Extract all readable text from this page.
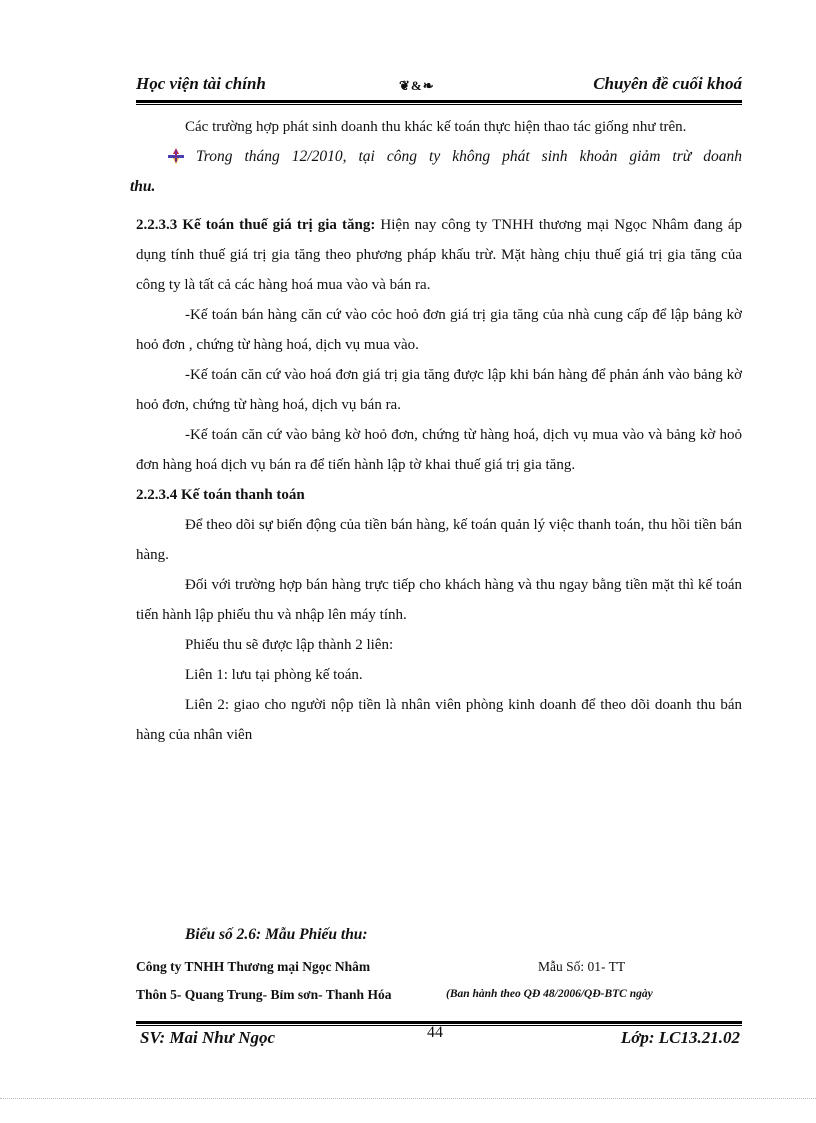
Học viện tài chính	❦&❧	Chuyên đề cuối khoá

Các trường hợp phát sinh doanh thu khác kế toán thực hiện thao tác giống như trên.

Trong tháng 12/2010, tại công ty không phát sinh khoản giảm trừ doanh

thu.

2.2.3.3 Kế toán thuế giá trị gia tăng: Hiện nay công ty TNHH thương mại Ngọc Nhâm đang áp dụng tính thuế giá trị gia tăng theo phương pháp khấu trừ. Mặt hàng chịu thuế giá trị gia tăng của công ty là tất cả các hàng hoá mua vào và bán ra.

-Kế toán bán hàng căn cứ vào cỏc hoỏ đơn giá trị gia tăng của nhà cung cấp để lập bảng kờ hoỏ đơn , chứng từ hàng hoá, dịch vụ mua vào.

-Kế toán căn cứ vào hoá đơn giá trị gia tăng được lập khi bán hàng để phản ánh vào bảng kờ hoỏ đơn, chứng từ hàng hoá, dịch vụ bán ra.

-Kế toán căn cứ vào bảng kờ hoỏ đơn, chứng từ hàng hoá, dịch vụ mua vào và bảng kờ hoỏ đơn hàng hoá dịch vụ bán ra để tiến hành lập tờ khai thuế giá trị gia tăng.

2.2.3.4 Kế toán thanh toán

Để theo dõi sự biến động của tiền bán hàng, kế toán quản lý việc thanh toán, thu hồi tiền bán hàng.

Đối với trường hợp bán hàng trực tiếp cho khách hàng và thu ngay bằng tiền mặt thì kế toán tiến hành lập phiếu thu và nhập lên máy tính.

Phiếu thu sẽ được lập thành 2 liên:

Liên 1: lưu tại phòng kế toán.

Liên 2: giao cho người nộp tiền là nhân viên phòng kinh doanh để theo dõi doanh thu bán hàng của nhân viên

Biểu số 2.6: Mẫu Phiếu thu:
Công ty TNHH Thương mại Ngọc Nhâm	Mẫu Số: 01- TT
Thôn 5- Quang Trung- Bỉm sơn- Thanh Hóa	(Ban hành theo QĐ 48/2006/QĐ-BTC ngày
SV: Mai Như Ngọc	44	Lớp: LC13.21.02
